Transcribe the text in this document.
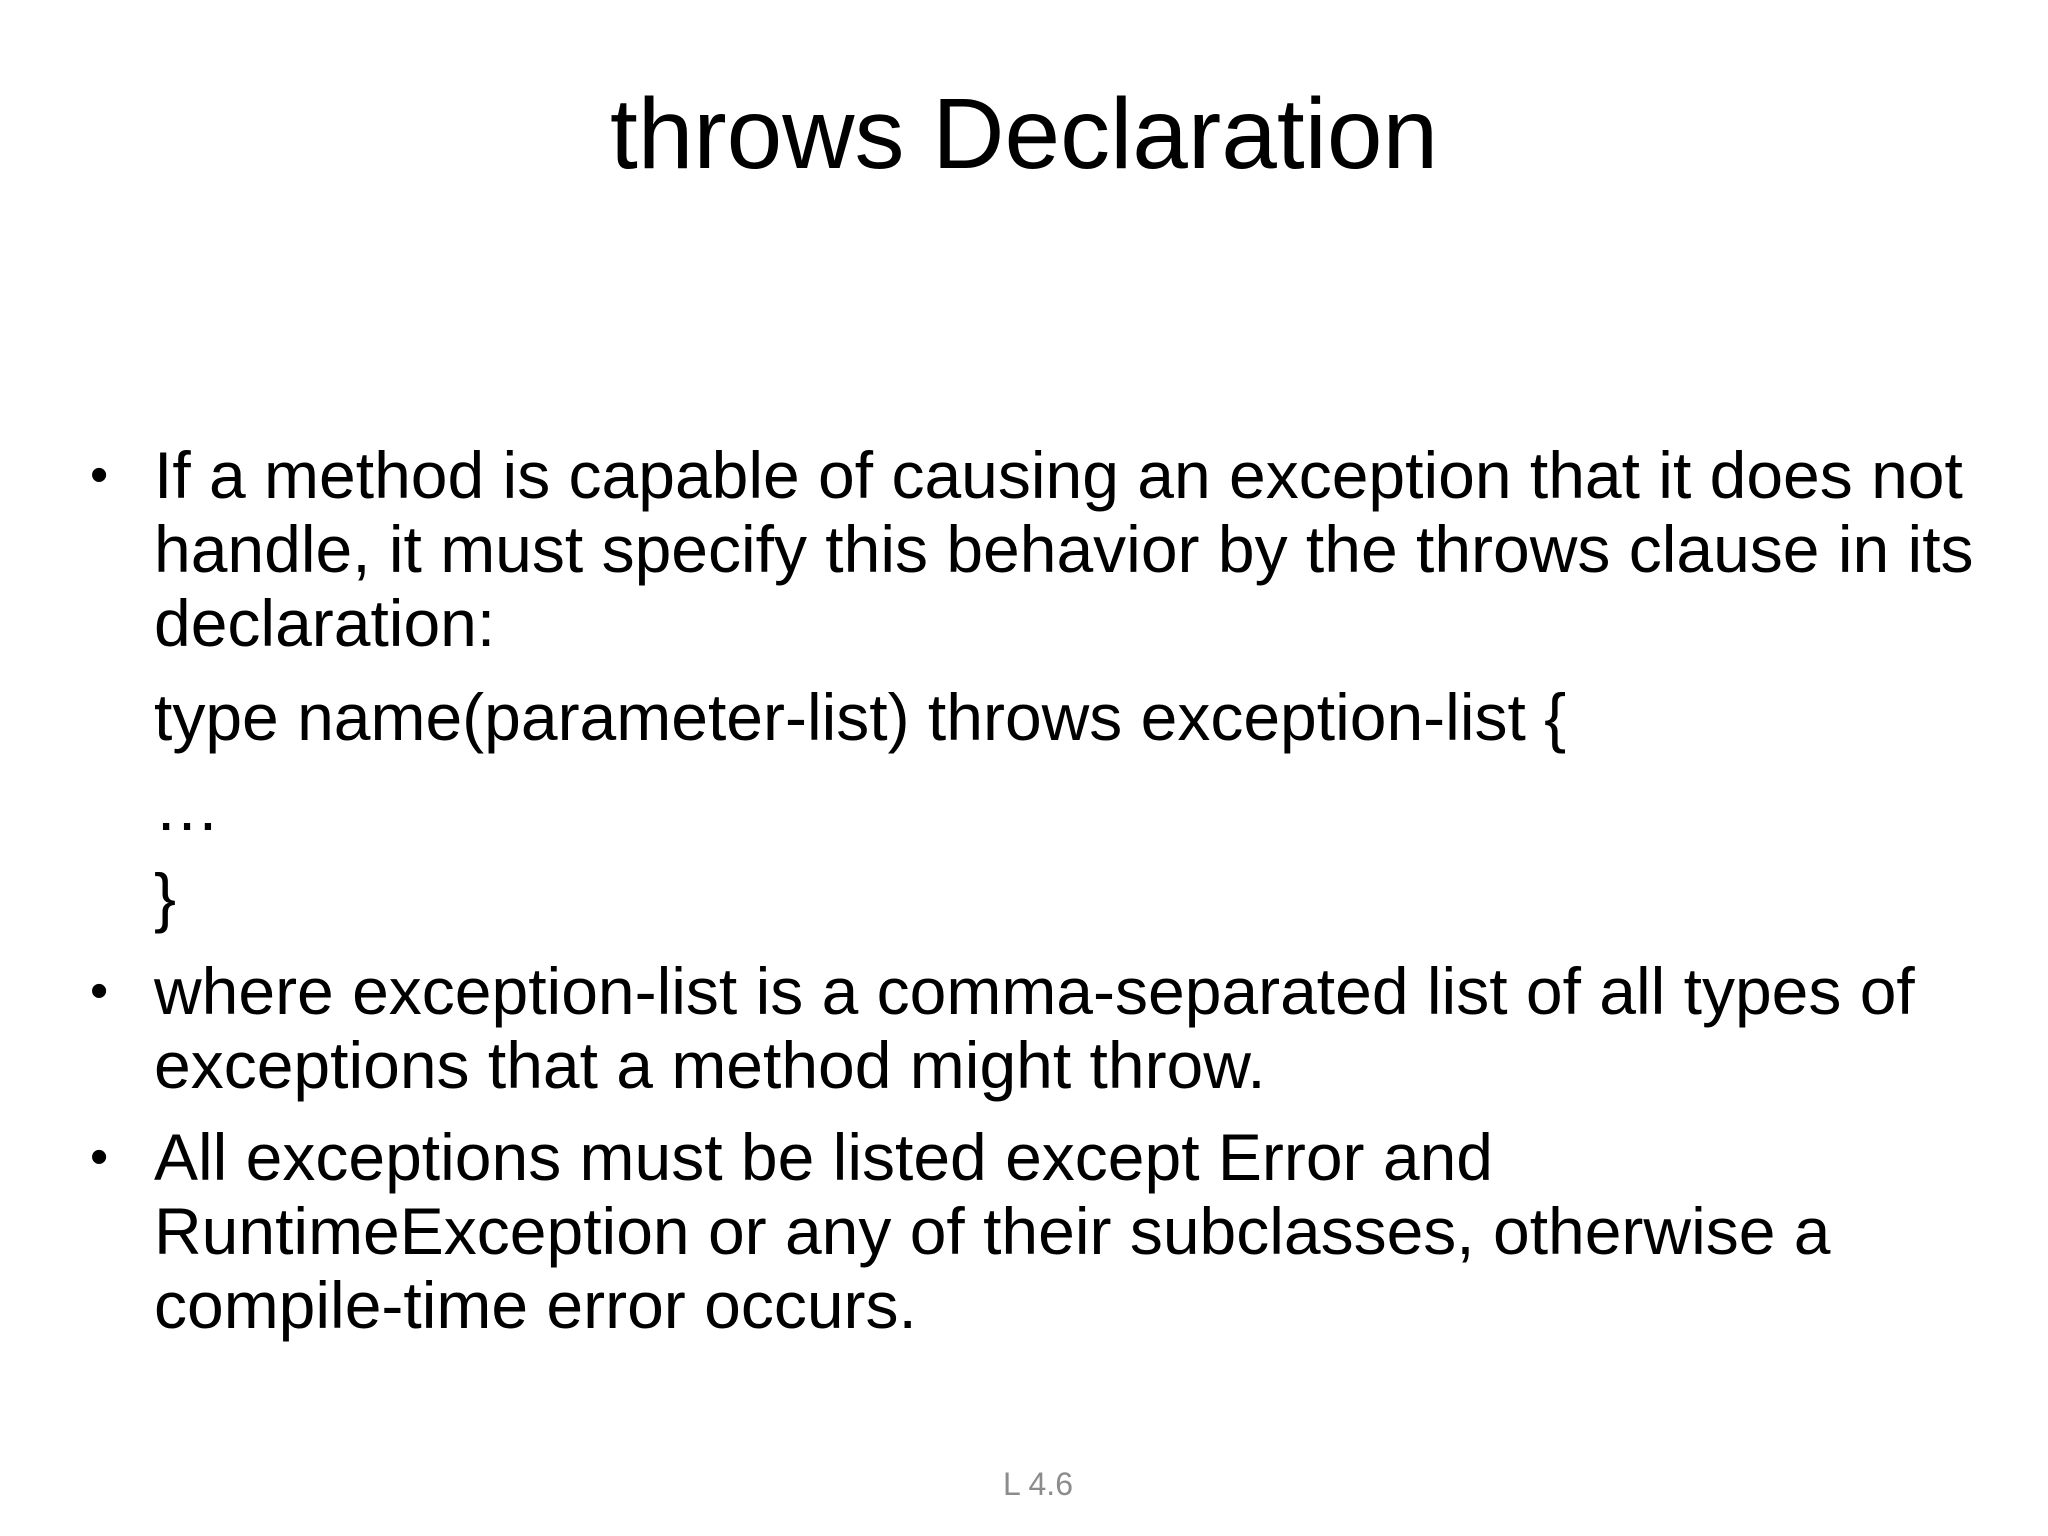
throws Declaration
• If a method is capable of causing an exception that it does not handle, it must specify this behavior by the throws clause in its declaration:
type name(parameter-list) throws exception-list {
…
}
• where exception-list is a comma-separated list of all types of exceptions that a method might throw.
• All exceptions must be listed except Error and RuntimeException or any of their subclasses, otherwise a compile-time error occurs.
L 4.6
